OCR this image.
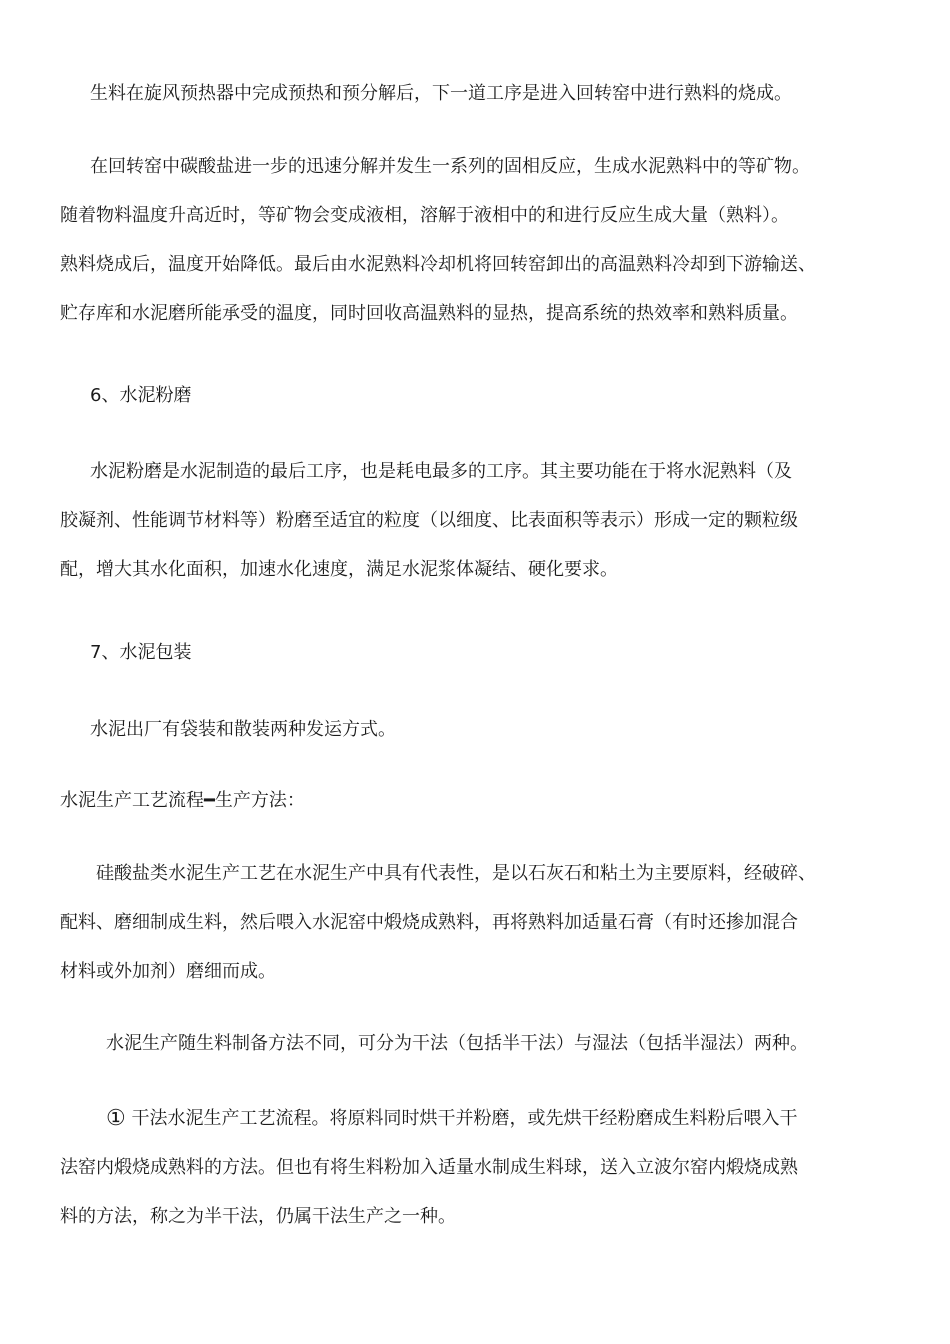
生料在旋风预热器中完成预热和预分解后，下一道工序是进入回转窑中进行熟料的烧成。

在回转窑中碳酸盐进一步的迅速分解并发生一系列的固相反应，生成水泥熟料中的等矿物。
随着物料温度升高近时，等矿物会变成液相，溶解于液相中的和进行反应生成大量（熟料）。
熟料烧成后，温度开始降低。最后由水泥熟料冷却机将回转窑卸出的高温熟料冷却到下游输送、
贮存库和水泥磨所能承受的温度，同时回收高温熟料的显热，提高系统的热效率和熟料质量。

6、水泥粉磨

水泥粉磨是水泥制造的最后工序，也是耗电最多的工序。其主要功能在于将水泥熟料（及
胶凝剂、性能调节材料等）粉磨至适宜的粒度（以细度、比表面积等表示）形成一定的颗粒级
配，增大其水化面积，加速水化速度，满足水泥浆体凝结、硬化要求。

7、水泥包装

水泥出厂有袋装和散装两种发运方式。

水泥生产工艺流程━生产方法：

硅酸盐类水泥生产工艺在水泥生产中具有代表性，是以石灰石和粘土为主要原料，经破碎、
配料、磨细制成生料，然后喂入水泥窑中煅烧成熟料，再将熟料加适量石膏（有时还掺加混合
材料或外加剂）磨细而成。

水泥生产随生料制备方法不同，可分为干法（包括半干法）与湿法（包括半湿法）两种。

① 干法水泥生产工艺流程。将原料同时烘干并粉磨，或先烘干经粉磨成生料粉后喂入干
法窑内煅烧成熟料的方法。但也有将生料粉加入适量水制成生料球，送入立波尔窑内煅烧成熟
料的方法，称之为半干法，仍属干法生产之一种。
